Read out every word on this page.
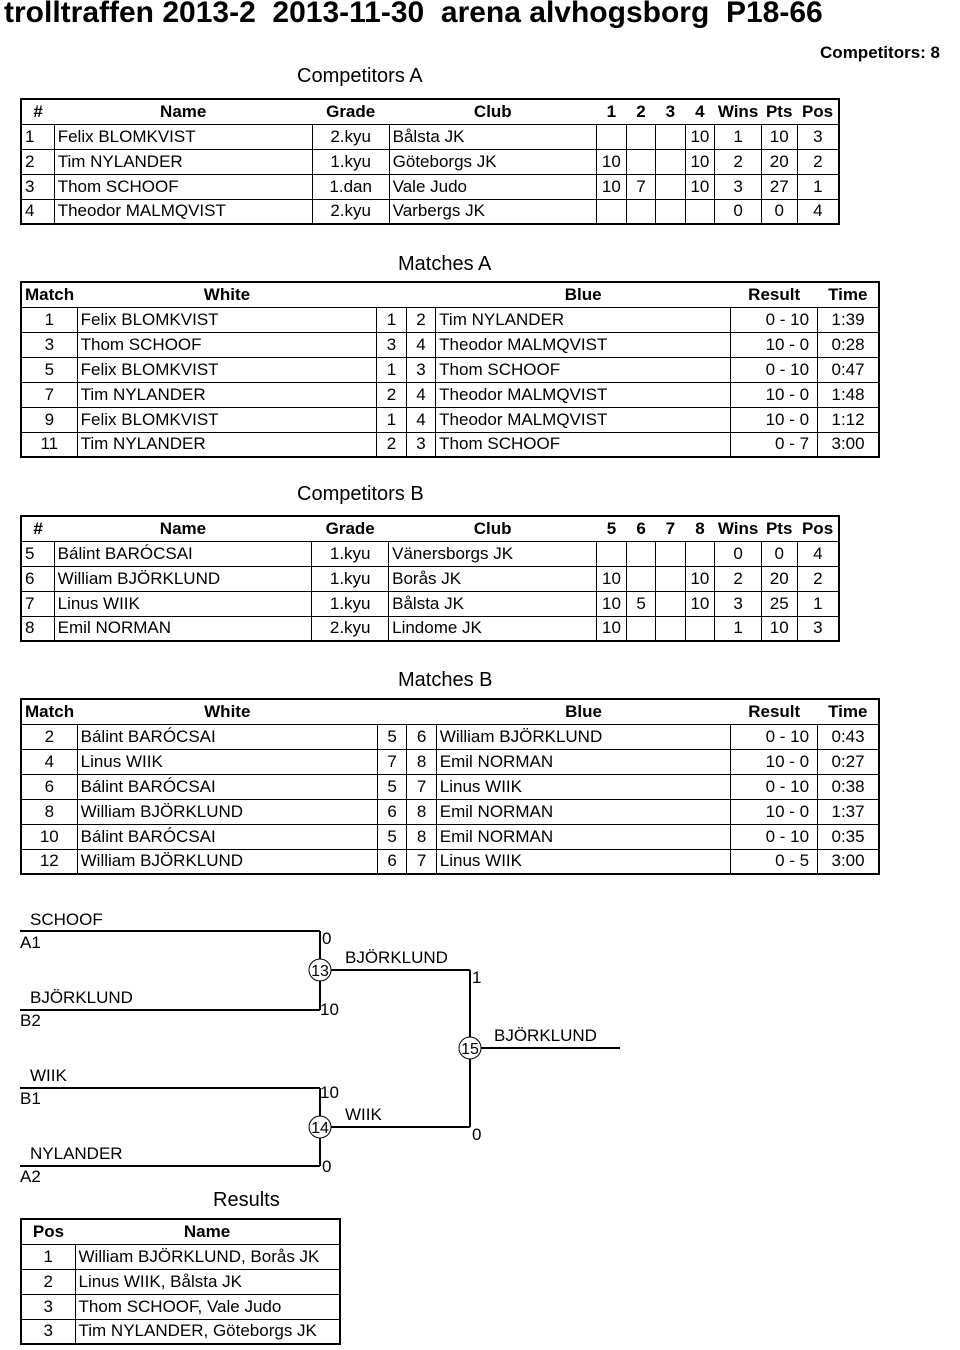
trolltraffen 2013-2  2013-11-30  arena alvhogsborg  P18-66
Competitors: 8
Competitors A
#	Name	Grade	Club	1	2	3	4	Wins	Pts	Pos
1	Felix BLOMKVIST	2.kyu	Bålsta JK				10	1	10	3
2	Tim NYLANDER	1.kyu	Göteborgs JK	10			10	2	20	2
3	Thom SCHOOF	1.dan	Vale Judo	10	7		10	3	27	1
4	Theodor MALMQVIST	2.kyu	Varbergs JK					0	0	4
Matches A
Match	White			Blue	Result	Time
1	Felix BLOMKVIST	1	2	Tim NYLANDER	0 - 10	1:39
3	Thom SCHOOF	3	4	Theodor MALMQVIST	10 - 0	0:28
5	Felix BLOMKVIST	1	3	Thom SCHOOF	0 - 10	0:47
7	Tim NYLANDER	2	4	Theodor MALMQVIST	10 - 0	1:48
9	Felix BLOMKVIST	1	4	Theodor MALMQVIST	10 - 0	1:12
11	Tim NYLANDER	2	3	Thom SCHOOF	0 - 7	3:00
Competitors B
#	Name	Grade	Club	5	6	7	8	Wins	Pts	Pos
5	Bálint BARÓCSAI	1.kyu	Vänersborgs JK					0	0	4
6	William BJÖRKLUND	1.kyu	Borås JK	10			10	2	20	2
7	Linus WIIK	1.kyu	Bålsta JK	10	5		10	3	25	1
8	Emil NORMAN	2.kyu	Lindome JK	10				1	10	3
Matches B
Match	White			Blue	Result	Time
2	Bálint BARÓCSAI	5	6	William BJÖRKLUND	0 - 10	0:43
4	Linus WIIK	7	8	Emil NORMAN	10 - 0	0:27
6	Bálint BARÓCSAI	5	7	Linus WIIK	0 - 10	0:38
8	William BJÖRKLUND	6	8	Emil NORMAN	10 - 0	1:37
10	Bálint BARÓCSAI	5	8	Emil NORMAN	0 - 10	0:35
12	William BJÖRKLUND	6	7	Linus WIIK	0 - 5	3:00
SCHOOF
A1	0
BJÖRKLUND
B2
10
13
BJÖRKLUND
WIIK
B1	10
NYLANDER
A2
0
14
WIIK
15
BJÖRKLUND
1
0
Results
Pos	Name
1	William BJÖRKLUND, Borås JK
2	Linus WIIK, Bålsta JK
3	Thom SCHOOF, Vale Judo
3	Tim NYLANDER, Göteborgs JK
